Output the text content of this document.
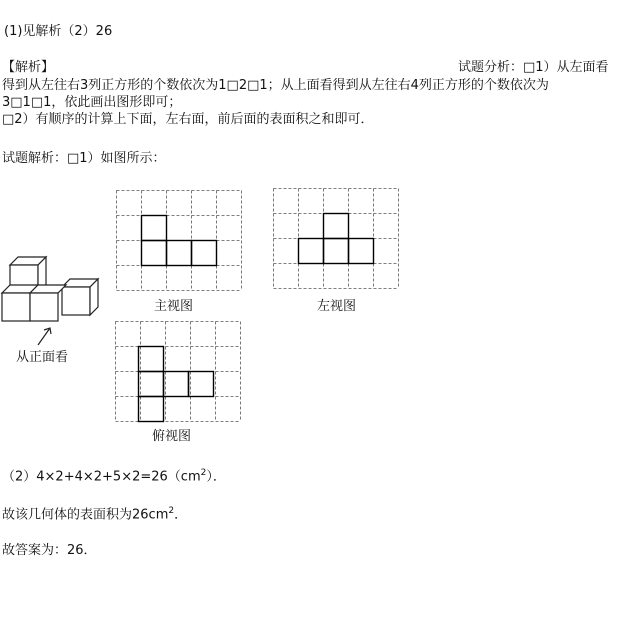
(1)见解析（2）26
【解析】	试题分析：□1）从左面看
得到从左往右3列正方形的个数依次为1□2□1；从上面看得到从左往右4列正方形的个数依次为
3□1□1，依此画出图形即可；
□2）有顺序的计算上下面，左右面，前后面的表面积之和即可．
试题解析：□1）如图所示：
从正面看
主视图	左视图
俯视图
$(2)4\times 2+4\times 2+5\times 2=26(cm^2)$．
故该几何体的表面积为$26cm^2$．
故答案为：26．
